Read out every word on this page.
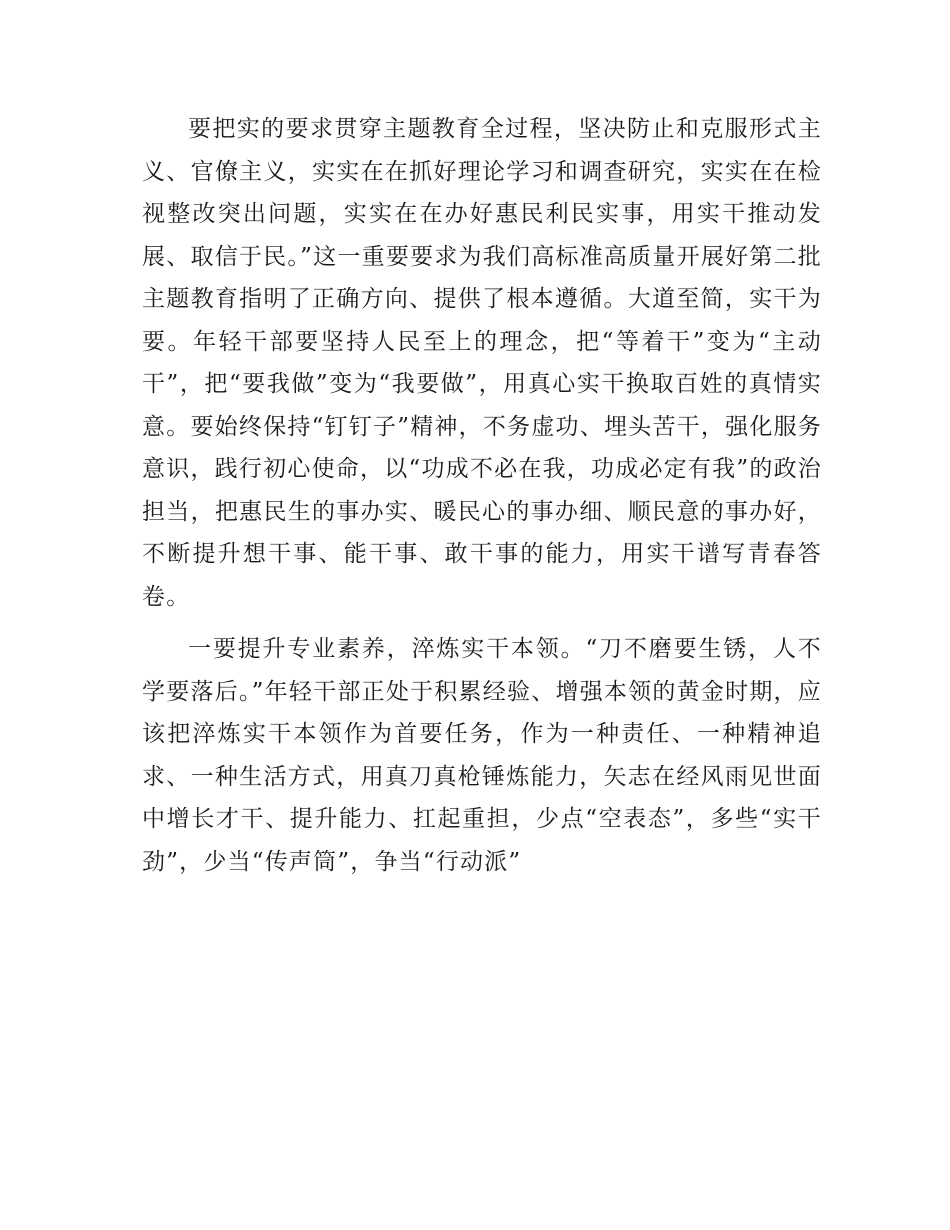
要把实的要求贯穿主题教育全过程，坚决防止和克服形式主义、官僚主义，实实在在抓好理论学习和调查研究，实实在在检视整改突出问题，实实在在办好惠民利民实事，用实干推动发展、取信于民。”这一重要要求为我们高标准高质量开展好第二批主题教育指明了正确方向、提供了根本遵循。大道至简，实干为要。年轻干部要坚持人民至上的理念，把“等着干”变为“主动干”，把“要我做”变为“我要做”，用真心实干换取百姓的真情实意。要始终保持“钉钉子”精神，不务虚功、埋头苦干，强化服务意识，践行初心使命，以“功成不必在我，功成必定有我”的政治担当，把惠民生的事办实、暖民心的事办细、顺民意的事办好，不断提升想干事、能干事、敢干事的能力，用实干谱写青春答卷。

一要提升专业素养，淬炼实干本领。“刀不磨要生锈，人不学要落后。”年轻干部正处于积累经验、增强本领的黄金时期，应该把淬炼实干本领作为首要任务，作为一种责任、一种精神追求、一种生活方式，用真刀真枪锤炼能力，矢志在经风雨见世面中增长才干、提升能力、扛起重担，少点“空表态”，多些“实干劲”，少当“传声筒”，争当“行动派”
